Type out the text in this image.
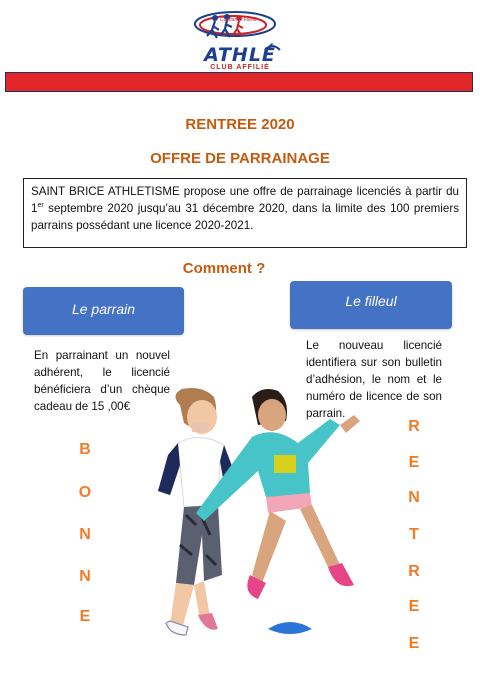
Confiance Fierté
ATHLÉ
CLUB AFFILIÉ
RENTREE 2020
OFFRE DE PARRAINAGE
SAINT BRICE ATHLETISME propose une offre de parrainage licenciés à partir du 1er septembre 2020 jusqu’au 31 décembre 2020, dans la limite des 100 premiers parrains possédant une licence 2020-2021.
Comment ?
Le parrain	Le filleul
En parrainant un nouvel adhérent, le licencié bénéficiera d’un chèque cadeau de 15 ,00€
Le nouveau licencié identifiera sur son bulletin d’adhésion, le nom et le numéro de licence de son parrain.
B
O
N
N
E
R
E
N
T
R
E
E
